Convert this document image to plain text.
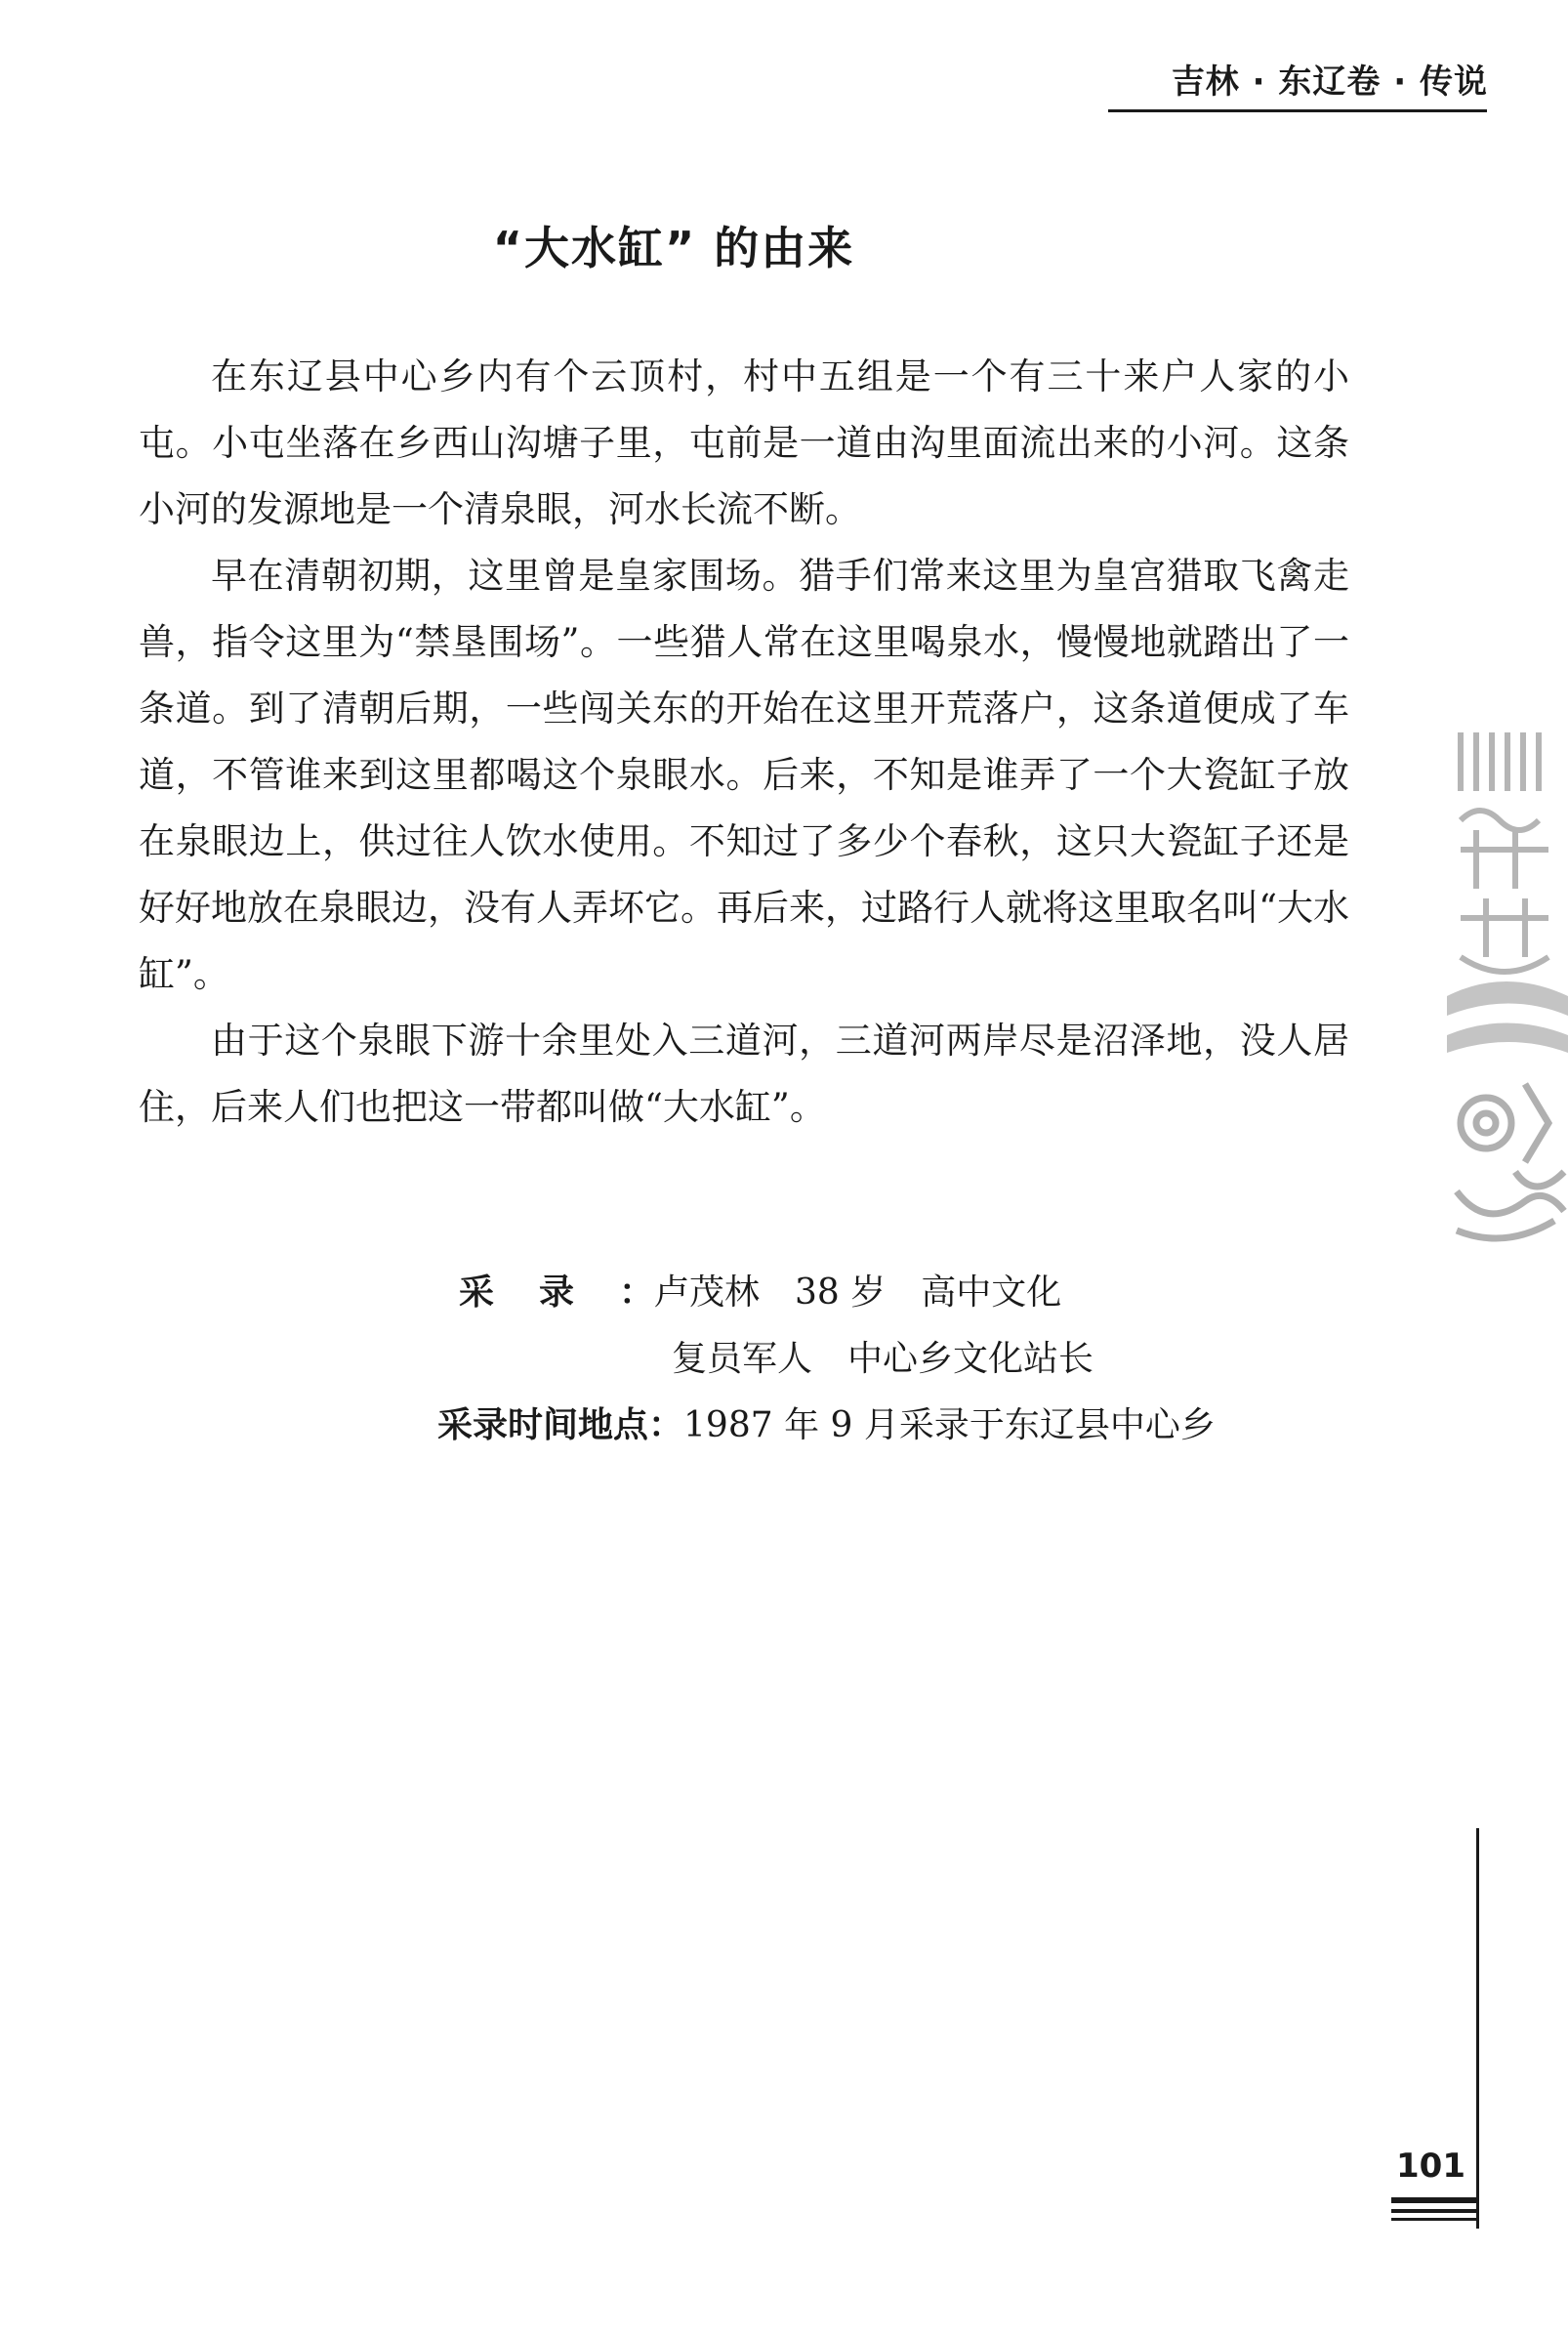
吉林 · 东辽卷 · 传说
“大水缸” 的由来

在东辽县中心乡内有个云顶村，村中五组是一个有三十来户人家的小屯。小屯坐落在乡西山沟塘子里，屯前是一道由沟里面流出来的小河。这条小河的发源地是一个清泉眼，河水长流不断。

早在清朝初期，这里曾是皇家围场。猎手们常来这里为皇宫猎取飞禽走兽，指令这里为“禁垦围场”。一些猎人常在这里喝泉水，慢慢地就踏出了一条道。到了清朝后期，一些闯关东的开始在这里开荒落户，这条道便成了车道，不管谁来到这里都喝这个泉眼水。后来，不知是谁弄了一个大瓷缸子放在泉眼边上，供过往人饮水使用。不知过了多少个春秋，这只大瓷缸子还是好好地放在泉眼边，没有人弄坏它。再后来，过路行人就将这里取名叫“大水缸”。

由于这个泉眼下游十余里处入三道河，三道河两岸尽是沼泽地，没人居住，后来人们也把这一带都叫做“大水缸”。

采录：卢茂林　38 岁　高中文化
复员军人　中心乡文化站长
采录时间地点：1987 年 9 月采录于东辽县中心乡
101
